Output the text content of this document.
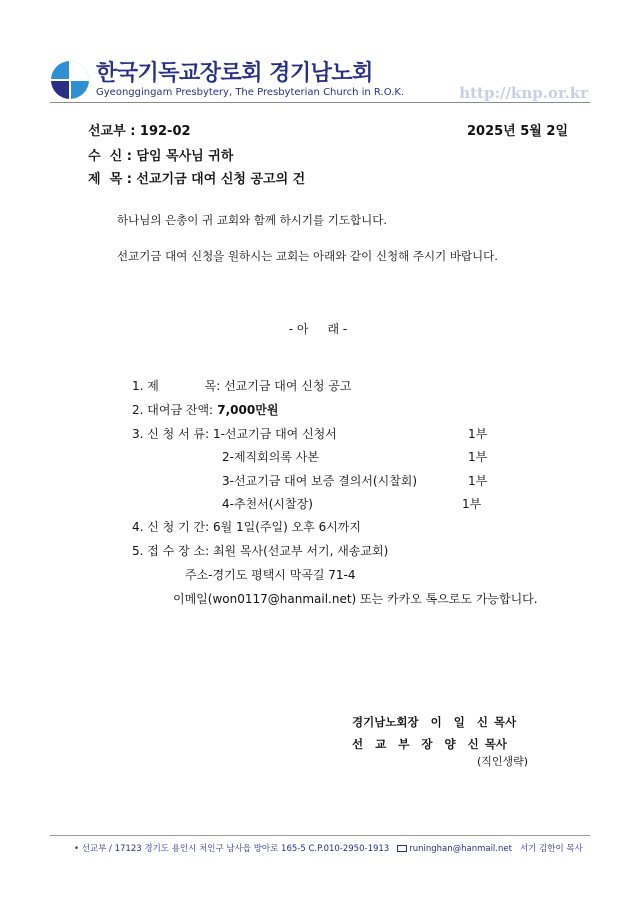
한국기독교장로회 경기남노회
Gyeonggingam Presbytery, The Presbyterian Church in R.O.K.	http://knp.or.kr
선교부 : 192-02	2025년 5월 2일
수  신 : 담임 목사님 귀하
제  목 : 선교기금 대여 신청 공고의 건
하나님의 은총이 귀 교회와 함께 하시기를 기도합니다.
선교기금 대여 신청을 원하시는 교회는 아래와 같이 신청해 주시기 바랍니다.
- 아     래 -
1. 제            목: 선교기금 대여 신청 공고
2. 대여금 잔액: 7,000만원
3. 신 청 서 류: 1-선교기금 대여 신청서	1부
2-제직회의록 사본	1부
3-선교기금 대여 보증 결의서(시찰회)	1부
4-추천서(시찰장)	1부
4. 신 청 기 간: 6월 1일(주일) 오후 6시까지
5. 접 수 장 소: 최원 목사(선교부 서기, 새송교회)
주소-경기도 평택시 막곡길 71-4
이메일(won0117@hanmail.net) 또는 카카오 톡으로도 가능합니다.
경기남노회장  이  일  신 목사
선  교  부  장  양  신 목사
(직인생략)
• 선교부 / 17123 경기도 용인시 처인구 남사읍 방아로 165-5 C.P.010-2950-1913 runinghan@hanmail.net 서기 김한이 목사
